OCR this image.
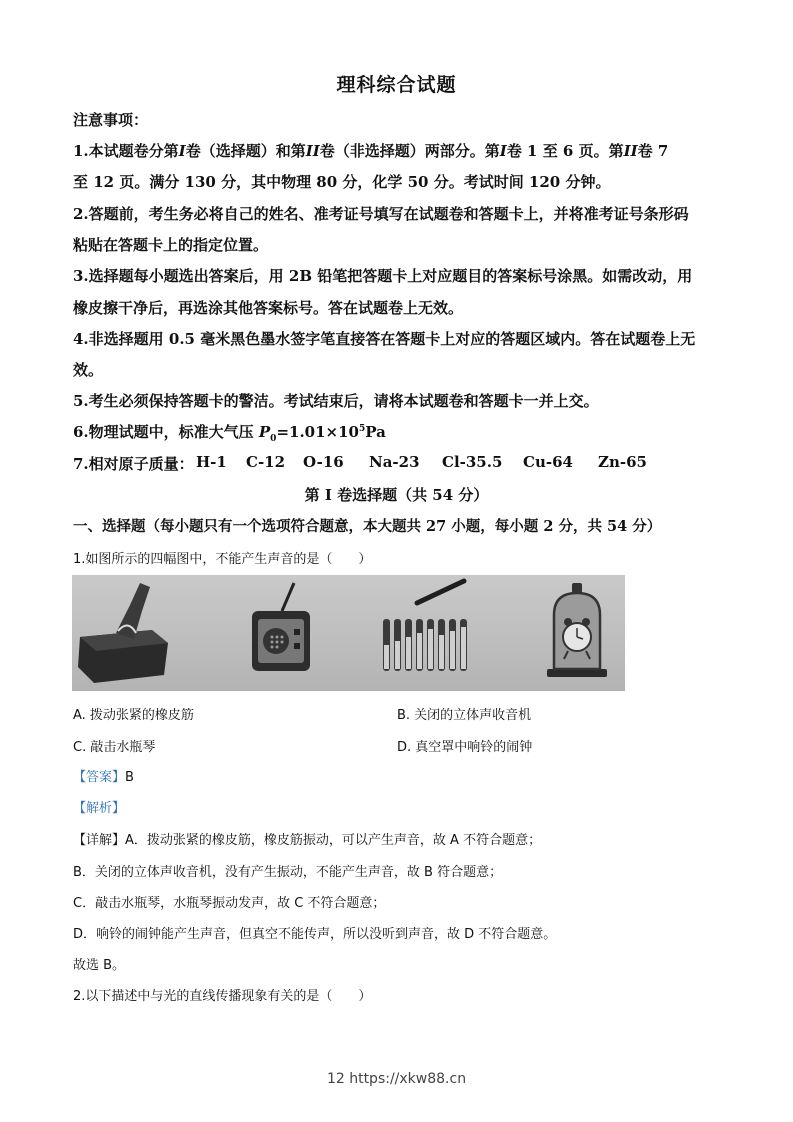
理科综合试题
注意事项：
1.本试题卷分第I卷（选择题）和第II卷（非选择题）两部分。第I卷 1 至 6 页。第II卷 7
至 12 页。满分 130 分，其中物理 80 分，化学 50 分。考试时间 120 分钟。
2.答题前，考生务必将自己的姓名、准考证号填写在试题卷和答题卡上，并将准考证号条形码
粘贴在答题卡上的指定位置。
3.选择题每小题选出答案后，用 2B 铅笔把答题卡上对应题目的答案标号涂黑。如需改动，用
橡皮擦干净后，再选涂其他答案标号。答在试题卷上无效。
4.非选择题用 0.5 毫米黑色墨水签字笔直接答在答题卡上对应的答题区域内。答在试题卷上无
效。
5.考生必须保持答题卡的警洁。考试结束后，请将本试题卷和答题卡一并上交。
6.物理试题中，标准大气压 $P_0=1.01\times 10^5Pa$
7.相对原子质量： H-1 C-12 O-16 Na-23 Cl-35.5 Cu-64 Zn-65
第 I 卷选择题（共 54 分）
一、选择题（每小题只有一个选项符合题意，本大题共 27 小题，每小题 2 分，共 54 分）
1.如图所示的四幅图中，不能产生声音的是（　　）
A. 拨动张紧的橡皮筋	B. 关闭的立体声收音机
C. 敲击水瓶琴	D. 真空罩中响铃的闹钟
【答案】B
【解析】
【详解】A．拨动张紧的橡皮筋，橡皮筋振动，可以产生声音，故 A 不符合题意；
B．关闭的立体声收音机，没有产生振动，不能产生声音，故 B 符合题意；
C．敲击水瓶琴，水瓶琴振动发声，故 C 不符合题意；
D．响铃的闹钟能产生声音，但真空不能传声，所以没听到声音，故 D 不符合题意。
故选 B。
2.以下描述中与光的直线传播现象有关的是（　　）
12 https://xkw88.cn
